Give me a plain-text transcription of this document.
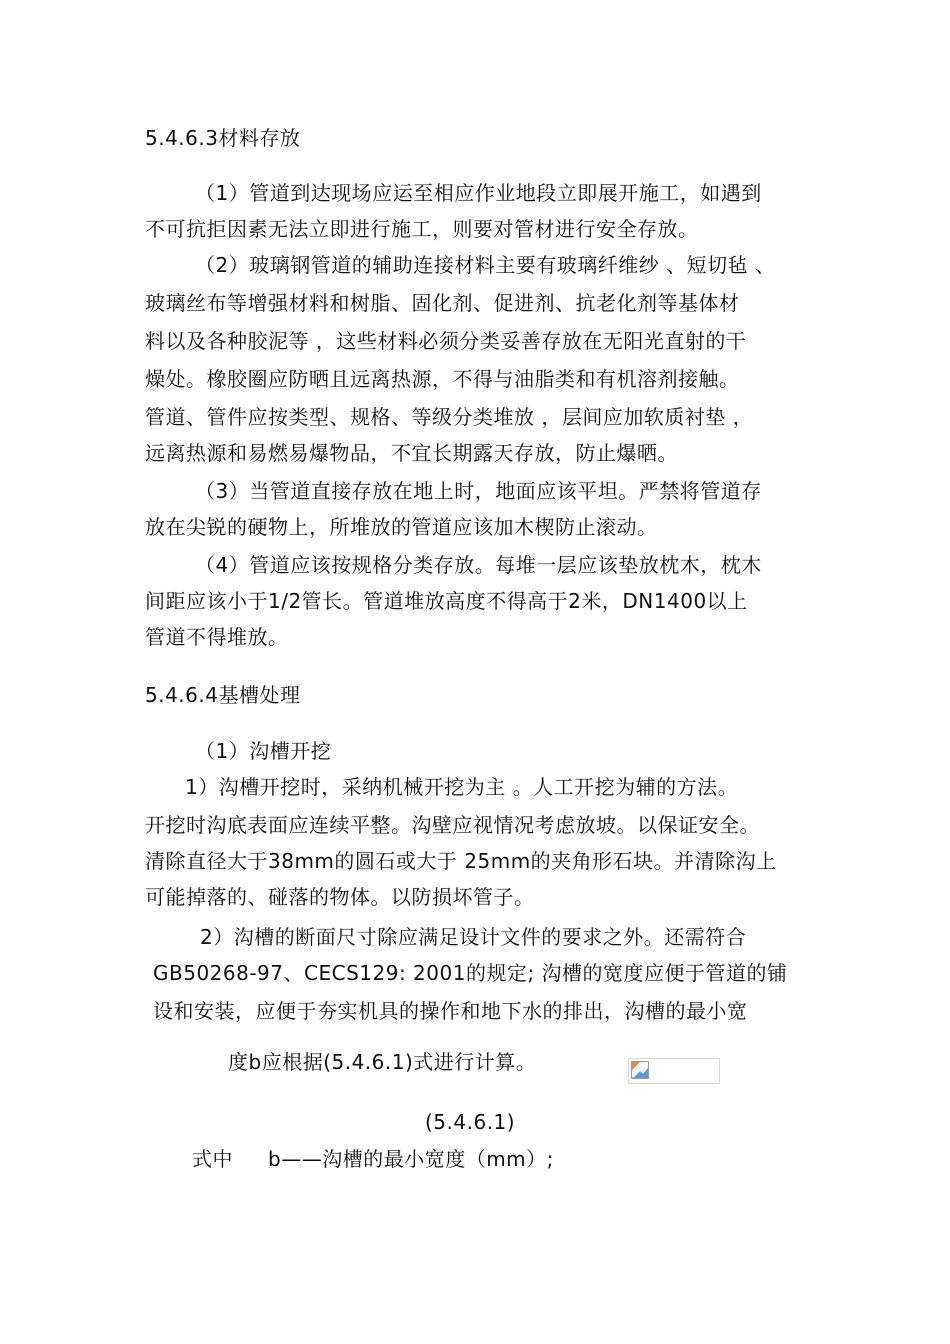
5.4.6.3材料存放
（1）管道到达现场应运至相应作业地段立即展开施工，如遇到
不可抗拒因素无法立即进行施工，则要对管材进行安全存放。
（2）玻璃钢管道的辅助连接材料主要有玻璃纤维纱 、短切毡 、
玻璃丝布等增强材料和树脂、固化剂、促进剂、抗老化剂等基体材
料以及各种胶泥等 ，这些材料必须分类妥善存放在无阳光直射的干
燥处。橡胶圈应防晒且远离热源，不得与油脂类和有机溶剂接触。
管道、管件应按类型、规格、等级分类堆放 ，层间应加软质衬垫 ，
远离热源和易燃易爆物品，不宜长期露天存放，防止爆晒。
（3）当管道直接存放在地上时，地面应该平坦。严禁将管道存
放在尖锐的硬物上，所堆放的管道应该加木楔防止滚动。
（4）管道应该按规格分类存放。每堆一层应该垫放枕木，枕木
间距应该小于1/2管长。管道堆放高度不得高于2米，DN1400以上
管道不得堆放。
5.4.6.4基槽处理
（1）沟槽开挖
1）沟槽开挖时，采纳机械开挖为主 。人工开挖为辅的方法。
开挖时沟底表面应连续平整。沟壁应视情况考虑放坡。以保证安全。
清除直径大于38mm的圆石或大于 25mm的夹角形石块。并清除沟上
可能掉落的、碰落的物体。以防损坏管子。
2）沟槽的断面尺寸除应满足设计文件的要求之外。还需符合
GB50268-97、CECS129: 2001的规定; 沟槽的宽度应便于管道的铺
设和安装，应便于夯实机具的操作和地下水的排出，沟槽的最小宽
度b应根据(5.4.6.1)式进行计算。
(5.4.6.1)
式中 b——沟槽的最小宽度（mm）;
